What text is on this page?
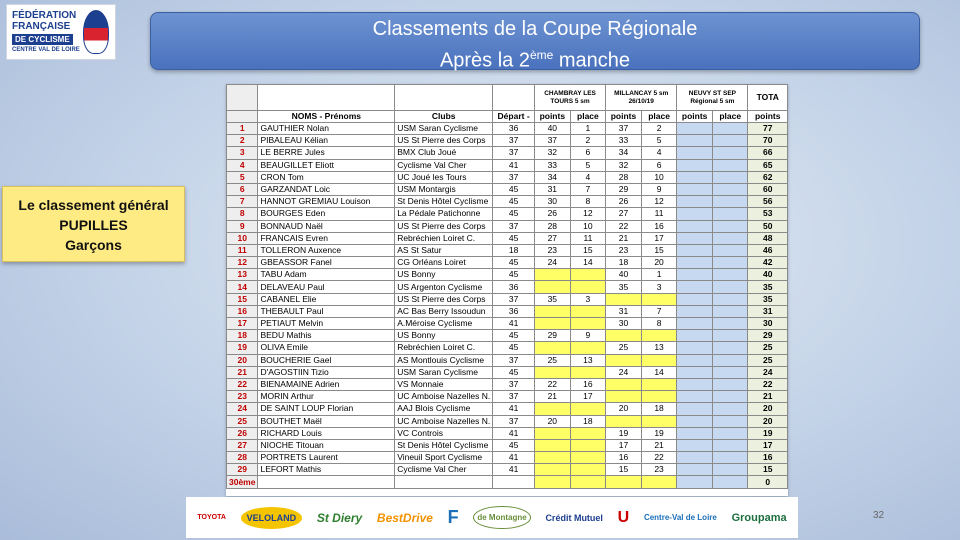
FÉDÉRATION
FRANÇAISE
DE CYCLISME
CENTRE VAL DE LOIRE
Classements de la Coupe Régionale
Après la 2ème manche
Le classement général
PUPILLES
Garçons
				CHAMBRAY LES TOURS 5 sm		MILLANCAY 5 sm 26/10/19		NEUVY ST SEP Régional 5 sm		TOTA
	NOMS - Prénoms	Clubs	Départ -	points	place	points	place	points	place	points
1	GAUTHIER Nolan	USM Saran Cyclisme	36	40	1	37	2			77
2	PIBALEAU Kélian	US St Pierre des Corps	37	37	2	33	5			70
3	LE BERRE Jules	BMX Club Joué	37	32	6	34	4			66
4	BEAUGILLET Eliott	Cyclisme Val Cher	41	33	5	32	6			65
5	CRON Tom	UC Joué les Tours	37	34	4	28	10			62
6	GARZANDAT Loic	USM Montargis	45	31	7	29	9			60
7	HANNOT GREMIAU Louison	St Denis Hôtel Cyclisme	45	30	8	26	12			56
8	BOURGES Eden	La Pédale Patichonne	45	26	12	27	11			53
9	BONNAUD Naël	US St Pierre des Corps	37	28	10	22	16			50
10	FRANCAIS Evren	Rebréchien Loiret C.	45	27	11	21	17			48
11	TOLLERON Auxence	AS St Satur	18	23	15	23	15			46
12	GBEASSOR Fanel	CG Orléans Loiret	45	24	14	18	20			42
13	TABU Adam	US Bonny	45			40	1			40
14	DELAVEAU Paul	US Argenton Cyclisme	36			35	3			35
15	CABANEL Elie	US St Pierre des Corps	37	35	3					35
16	THEBAULT Paul	AC Bas Berry Issoudun	36			31	7			31
17	PETIAUT Melvin	A.Méroise Cyclisme	41			30	8			30
18	BEDU Mathis	US Bonny	45	29	9					29
19	OLIVA Emile	Rebréchien Loiret C.	45			25	13			25
20	BOUCHERIE Gael	AS Montlouis Cyclisme	37	25	13					25
21	D'AGOSTIIN Tizio	USM Saran Cyclisme	45			24	14			24
22	BIENAMAINE Adrien	VS Monnaie	37	22	16					22
23	MORIN Arthur	UC Amboise Nazelles N.	37	21	17					21
24	DE SAINT LOUP Florian	AAJ Blois Cyclisme	41			20	18			20
25	BOUTHET Maël	UC Amboise Nazelles N.	37	20	18					20
26	RICHARD Louis	VC Controis	41			19	19			19
27	NIOCHE Titouan	St Denis Hôtel Cyclisme	45			17	21			17
28	PORTRETS Laurent	Vineuil Sport Cyclisme	41			16	22			16
29	LEFORT Mathis	Cyclisme Val Cher	41			15	23			15
30ème										0
TOYOTA	VELOLAND	St Diery BestDrive F	de Montagne	Crédit Mutuel U Centre-Val de Loire Groupama	32
